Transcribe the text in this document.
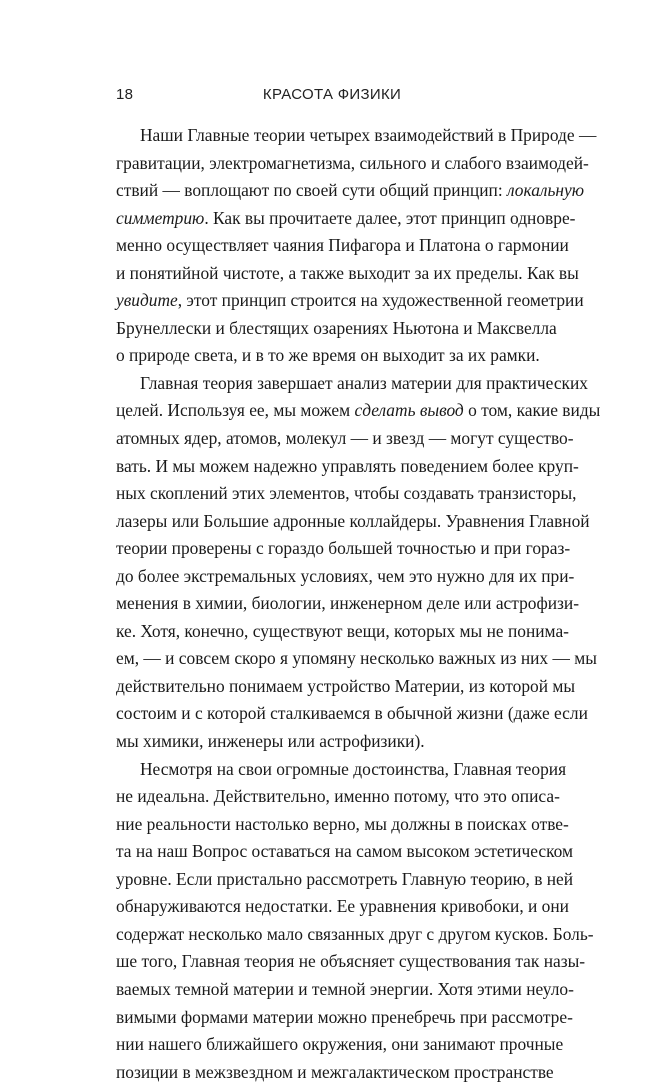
18	КРАСОТА ФИЗИКИ
Наши Главные теории четырех взаимодействий в Природе —
гравитации, электромагнетизма, сильного и слабого взаимодей-
ствий — воплощают по своей сути общий принцип: локальную
симметрию. Как вы прочитаете далее, этот принцип одновре-
менно осуществляет чаяния Пифагора и Платона о гармонии
и понятийной чистоте, а также выходит за их пределы. Как вы
увидите, этот принцип строится на художественной геометрии
Брунеллески и блестящих озарениях Ньютона и Максвелла
о природе света, и в то же время он выходит за их рамки.
Главная теория завершает анализ материи для практических
целей. Используя ее, мы можем сделать вывод о том, какие виды
атомных ядер, атомов, молекул — и звезд — могут существо-
вать. И мы можем надежно управлять поведением более круп-
ных скоплений этих элементов, чтобы создавать транзисторы,
лазеры или Большие адронные коллайдеры. Уравнения Главной
теории проверены с гораздо большей точностью и при гораз-
до более экстремальных условиях, чем это нужно для их при-
менения в химии, биологии, инженерном деле или астрофизи-
ке. Хотя, конечно, существуют вещи, которых мы не понима-
ем, — и совсем скоро я упомяну несколько важных из них — мы
действительно понимаем устройство Материи, из которой мы
состоим и с которой сталкиваемся в обычной жизни (даже если
мы химики, инженеры или астрофизики).
Несмотря на свои огромные достоинства, Главная теория
не идеальна. Действительно, именно потому, что это описа-
ние реальности настолько верно, мы должны в поисках отве-
та на наш Вопрос оставаться на самом высоком эстетическом
уровне. Если пристально рассмотреть Главную теорию, в ней
обнаруживаются недостатки. Ее уравнения кривобоки, и они
содержат несколько мало связанных друг с другом кусков. Боль-
ше того, Главная теория не объясняет существования так назы-
ваемых темной материи и темной энергии. Хотя этими неуло-
вимыми формами материи можно пренебречь при рассмотре-
нии нашего ближайшего окружения, они занимают прочные
позиции в межзвездном и межгалактическом пространстве
